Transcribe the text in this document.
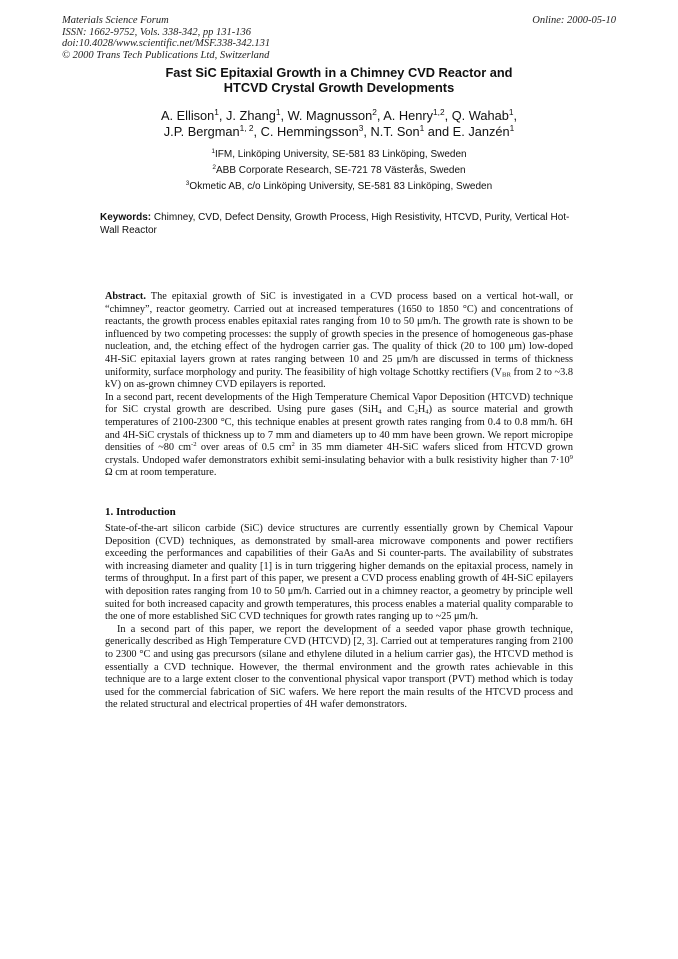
Materials Science Forum
ISSN: 1662-9752, Vols. 338-342, pp 131-136
doi:10.4028/www.scientific.net/MSF.338-342.131
© 2000 Trans Tech Publications Ltd, Switzerland
Online: 2000-05-10
Fast SiC Epitaxial Growth in a Chimney CVD Reactor and
HTCVD Crystal Growth Developments
A. Ellison$^1$, J. Zhang$^1$, W. Magnusson$^2$, A. Henry$^{1,2}$, Q. Wahab$^1$,
J.P. Bergman$^{1, 2}$, C. Hemmingsson$^3$, N.T. Son$^1$ and E. Janzén$^1$
$^1$IFM, Linköping University, SE-581 83 Linköping, Sweden
$^2$ABB Corporate Research, SE-721 78 Västerås, Sweden
$^3$Okmetic AB, c/o Linköping University, SE-581 83 Linköping, Sweden
Keywords: Chimney, CVD, Defect Density, Growth Process, High Resistivity, HTCVD, Purity, Vertical Hot-Wall Reactor

Abstract. The epitaxial growth of SiC is investigated in a CVD process based on a vertical hot-wall, or “chimney”, reactor geometry. Carried out at increased temperatures (1650 to 1850 °C) and concentrations of reactants, the growth process enables epitaxial rates ranging from 10 to 50 μm/h. The growth rate is shown to be influenced by two competing processes: the supply of growth species in the presence of homogeneous gas-phase nucleation, and, the etching effect of the hydrogen carrier gas. The quality of thick (20 to 100 μm) low-doped 4H-SiC epitaxial layers grown at rates ranging between 10 and 25 μm/h are discussed in terms of thickness uniformity, surface morphology and purity. The feasibility of high voltage Schottky rectifiers ($V_{BR}$ from 2 to ~3.8 kV) on as-grown chimney CVD epilayers is reported.

In a second part, recent developments of the High Temperature Chemical Vapor Deposition (HTCVD) technique for SiC crystal growth are described. Using pure gases (SiH$_4$ and $C_2H_4$) as source material and growth temperatures of 2100-2300 °C, this technique enables at present growth rates ranging from 0.4 to 0.8 mm/h. 6H and 4H-SiC crystals of thickness up to 7 mm and diameters up to 40 mm have been grown. We report micropipe densities of ~80 $cm^{-2}$ over areas of 0.5 $cm^2$ in 35 mm diameter 4H-SiC wafers sliced from HTCVD grown crystals. Undoped wafer demonstrators exhibit semi-insulating behavior with a bulk resistivity higher than $7\cdot 10^9$ Ω cm at room temperature.

1. Introduction

State-of-the-art silicon carbide (SiC) device structures are currently essentially grown by Chemical Vapour Deposition (CVD) techniques, as demonstrated by small-area microwave components and power rectifiers exceeding the performances and capabilities of their GaAs and Si counter-parts. The availability of substrates with increasing diameter and quality [1] is in turn triggering higher demands on the epitaxial process, namely in terms of throughput. In a first part of this paper, we present a CVD process enabling growth of 4H-SiC epilayers with deposition rates ranging from 10 to 50 μm/h. Carried out in a chimney reactor, a geometry by principle well suited for both increased capacity and growth temperatures, this process enables a material quality comparable to the one of more established SiC CVD techniques for growth rates ranging up to ~25 μm/h.

In a second part of this paper, we report the development of a seeded vapor phase growth technique, generically described as High Temperature CVD (HTCVD) [2, 3]. Carried out at temperatures ranging from 2100 to 2300 °C and using gas precursors (silane and ethylene diluted in a helium carrier gas), the HTCVD method is essentially a CVD technique. However, the thermal environment and the growth rates achievable in this technique are to a large extent closer to the conventional physical vapor transport (PVT) method which is today used for the commercial fabrication of SiC wafers. We here report the main results of the HTCVD process and the related structural and electrical properties of 4H wafer demonstrators.
